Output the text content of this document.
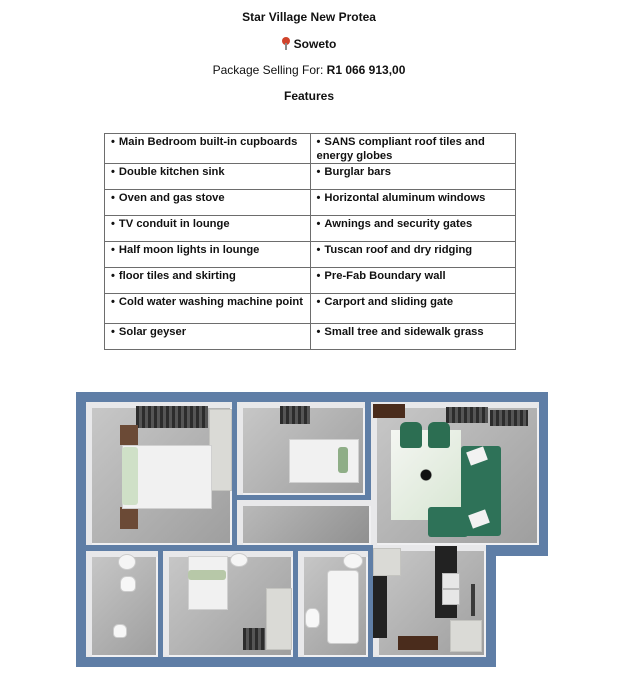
Star Village New Protea
Soweto
Package Selling For: R1 066 913,00
Features
• Main Bedroom built-in cupboards	• SANS compliant roof tiles and energy globes
• Double kitchen sink	• Burglar bars
• Oven and gas stove	• Horizontal aluminum windows
• TV conduit in lounge	• Awnings and security gates
• Half moon lights in lounge	• Tuscan roof and dry ridging
• floor tiles and skirting	• Pre-Fab Boundary wall
• Cold water washing machine point	• Carport and sliding gate
• Solar geyser	• Small tree and sidewalk grass
